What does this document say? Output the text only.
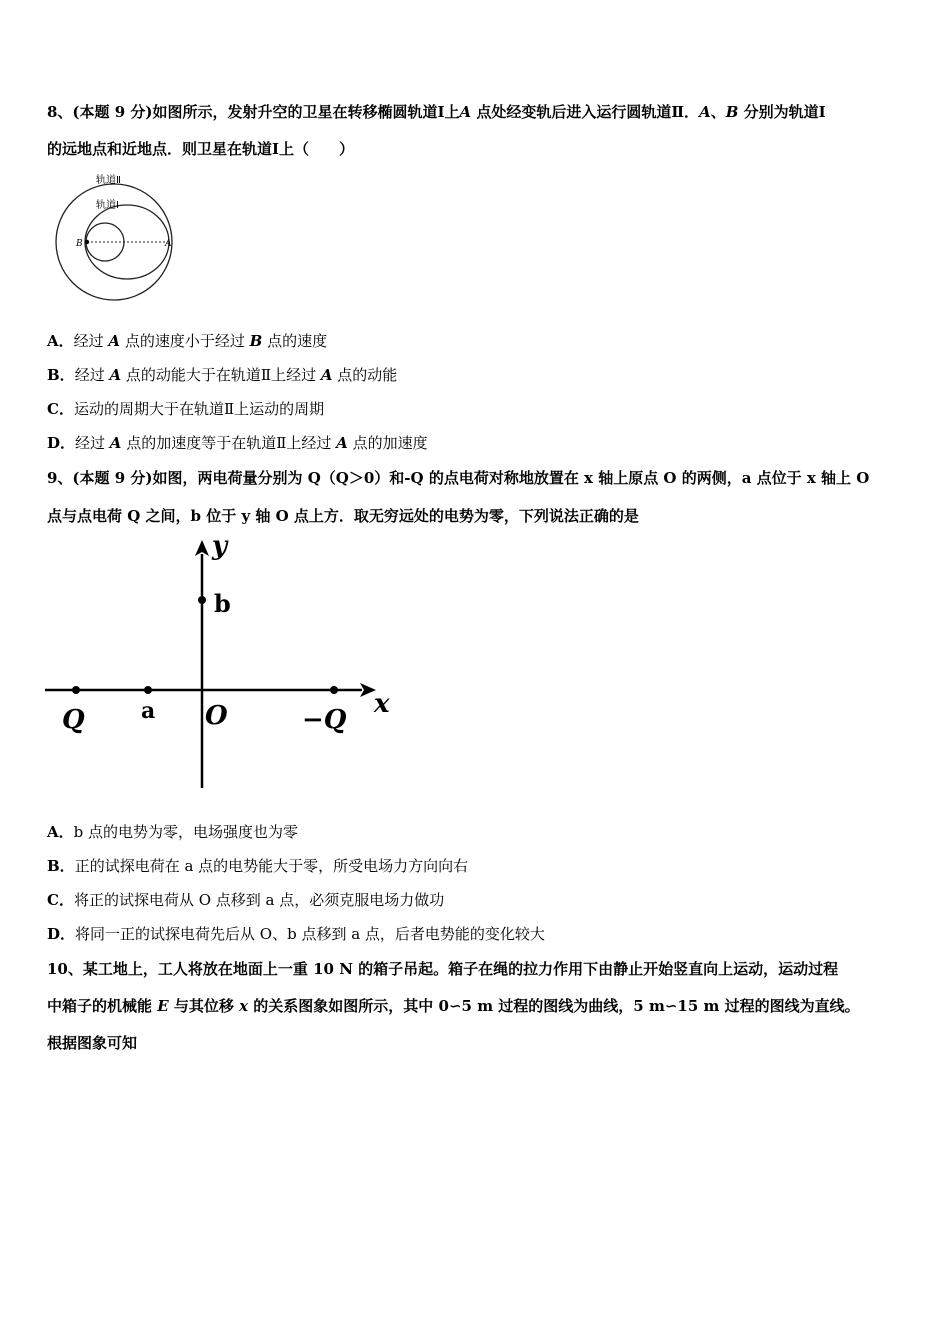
8、(本题 9 分)如图所示，发射升空的卫星在转移椭圆轨道Ⅰ上A 点处经变轨后进入运行圆轨道Ⅱ．A、B 分别为轨道Ⅰ
的远地点和近地点．则卫星在轨道Ⅰ上（　　）
轨道Ⅱ
轨道Ⅰ
B	A
A．经过 A 点的速度小于经过 B 点的速度
B．经过 A 点的动能大于在轨道Ⅱ上经过 A 点的动能
C．运动的周期大于在轨道Ⅱ上运动的周期
D．经过 A 点的加速度等于在轨道Ⅱ上经过 A 点的加速度
9、(本题 9 分)如图，两电荷量分别为 Q（Q＞0）和-Q 的点电荷对称地放置在 x 轴上原点 O 的两侧，a 点位于 x 轴上 O
点与点电荷 Q 之间，b 位于 y 轴 O 点上方．取无穷远处的电势为零，下列说法正确的是
y
b
Q	a O	−Q
x
A．b 点的电势为零，电场强度也为零
B．正的试探电荷在 a 点的电势能大于零，所受电场力方向向右
C．将正的试探电荷从 O 点移到 a 点，必须克服电场力做功
D．将同一正的试探电荷先后从 O、b 点移到 a 点，后者电势能的变化较大
10、某工地上，工人将放在地面上一重 10 N 的箱子吊起。箱子在绳的拉力作用下由静止开始竖直向上运动，运动过程
中箱子的机械能 E 与其位移 x 的关系图象如图所示，其中 0∽5 m 过程的图线为曲线，5 m∽15 m 过程的图线为直线。
根据图象可知
